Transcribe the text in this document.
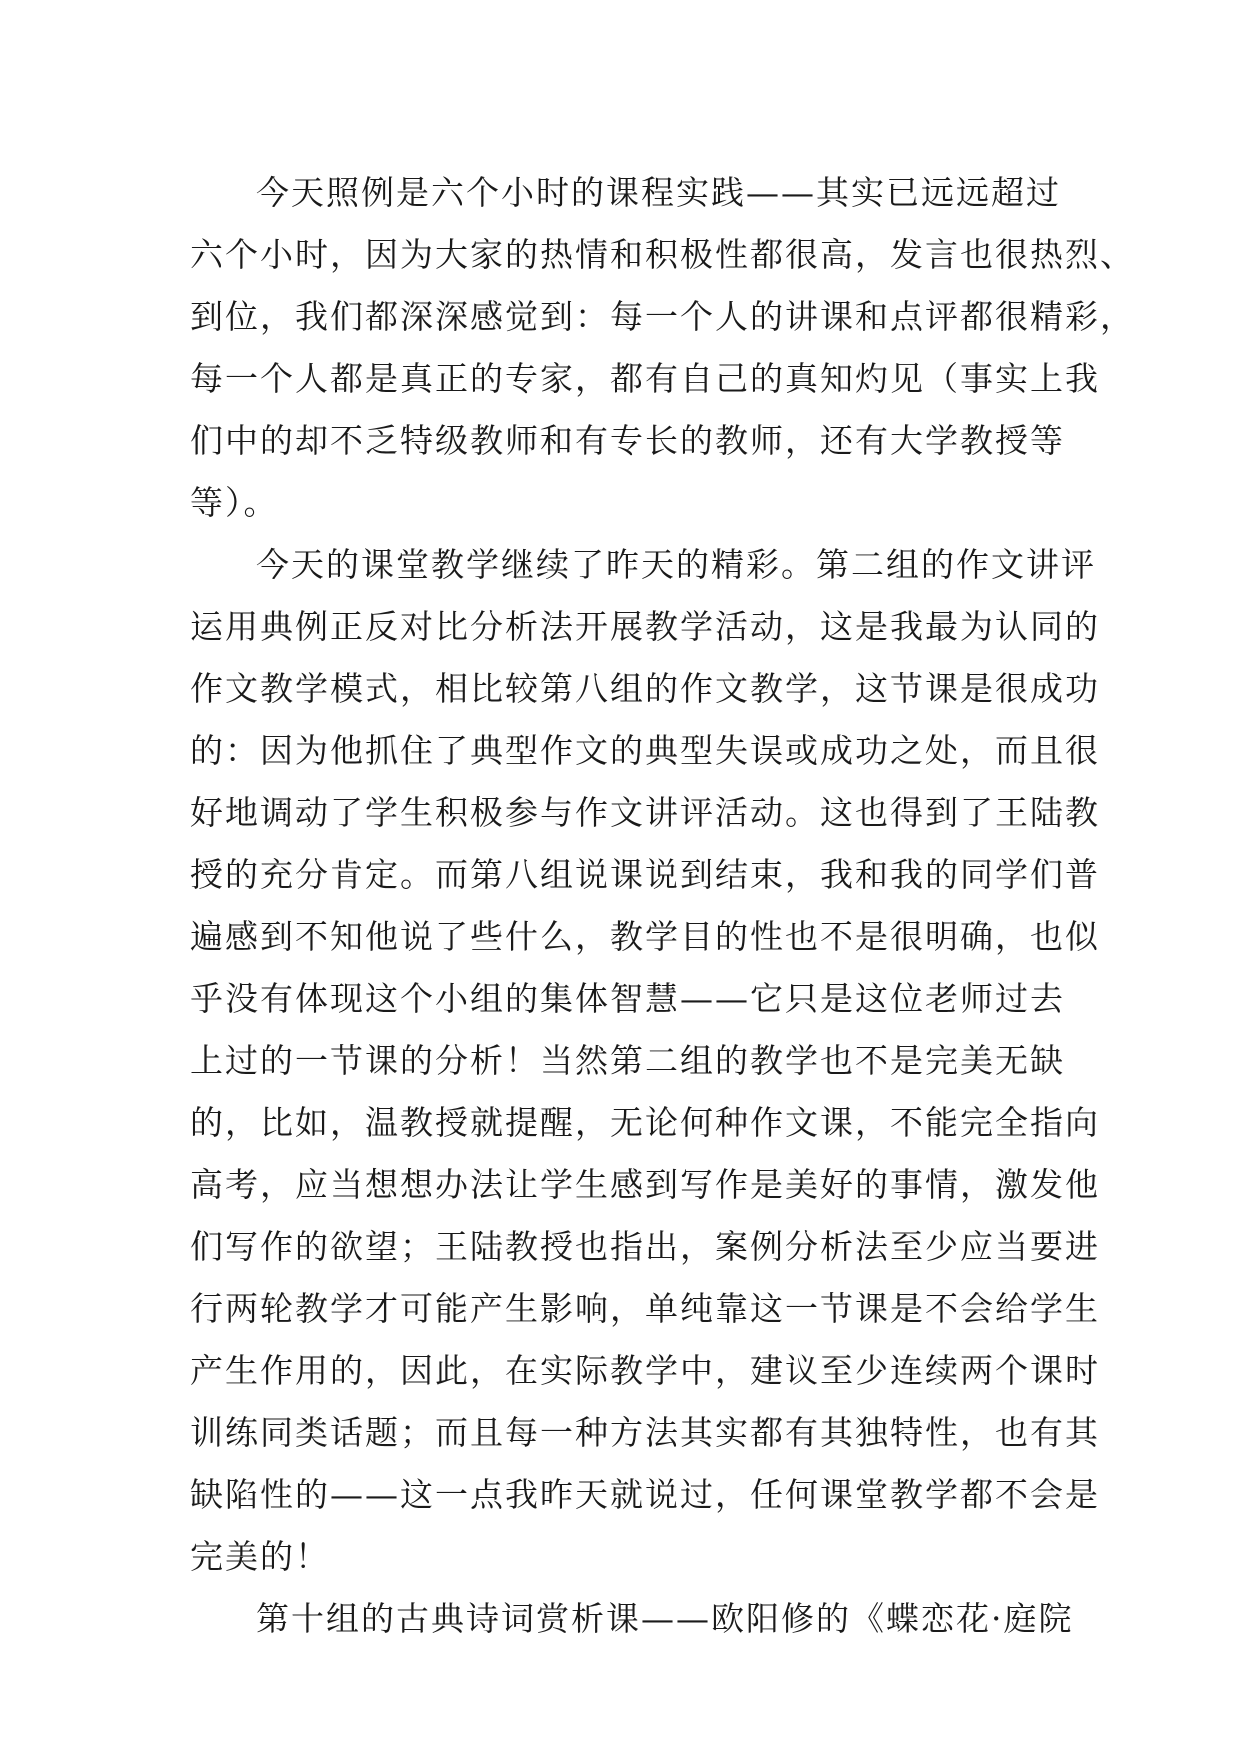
今天照例是六个小时的课程实践——其实已远远超过
六个小时，因为大家的热情和积极性都很高，发言也很热烈、
到位，我们都深深感觉到：每一个人的讲课和点评都很精彩，
每一个人都是真正的专家，都有自己的真知灼见（事实上我
们中的却不乏特级教师和有专长的教师，还有大学教授等
等）。
今天的课堂教学继续了昨天的精彩。第二组的作文讲评
运用典例正反对比分析法开展教学活动，这是我最为认同的
作文教学模式，相比较第八组的作文教学，这节课是很成功
的：因为他抓住了典型作文的典型失误或成功之处，而且很
好地调动了学生积极参与作文讲评活动。这也得到了王陆教
授的充分肯定。而第八组说课说到结束，我和我的同学们普
遍感到不知他说了些什么，教学目的性也不是很明确，也似
乎没有体现这个小组的集体智慧——它只是这位老师过去
上过的一节课的分析！当然第二组的教学也不是完美无缺
的，比如，温教授就提醒，无论何种作文课，不能完全指向
高考，应当想想办法让学生感到写作是美好的事情，激发他
们写作的欲望；王陆教授也指出，案例分析法至少应当要进
行两轮教学才可能产生影响，单纯靠这一节课是不会给学生
产生作用的，因此，在实际教学中，建议至少连续两个课时
训练同类话题；而且每一种方法其实都有其独特性，也有其
缺陷性的——这一点我昨天就说过，任何课堂教学都不会是
完美的！
第十组的古典诗词赏析课——欧阳修的《蝶恋花·庭院
